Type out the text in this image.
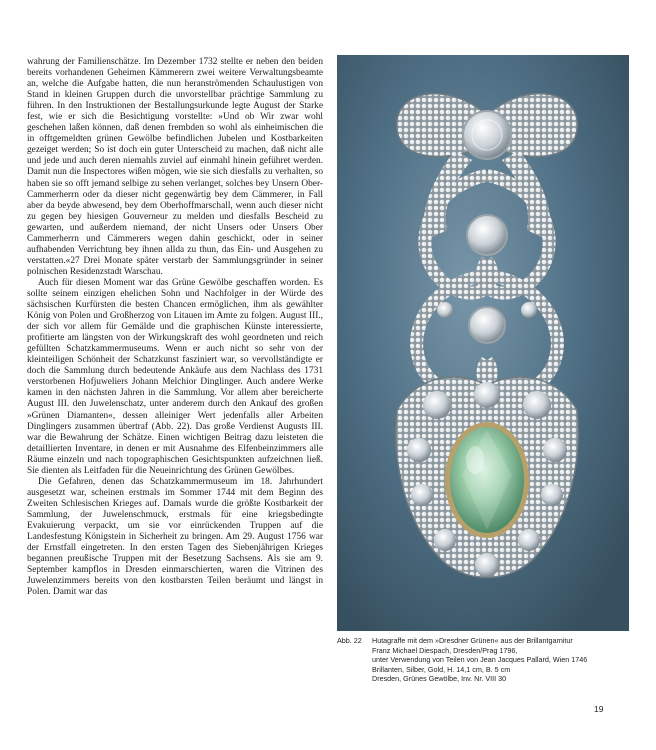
wahrung der Familienschätze. Im Dezember 1732 stellte er neben den beiden bereits vorhandenen Geheimen Kämmerern zwei weitere Verwaltungsbeamte an, welche die Aufgabe hatten, die nun heranströmenden Schaulustigen von Stand in kleinen Gruppen durch die unvorstellbar prächtige Sammlung zu führen. In den Instruktionen der Bestallungsurkunde legte August der Starke fest, wie er sich die Besichtigung vorstellte: »Und ob Wir zwar wohl geschehen laßen können, daß denen frembden so wohl als einheimischen die in offtgemeldten grünen Gewölbe befindlichen Jubelen und Kostbarkeiten gezeiget werden; So ist doch ein guter Unterscheid zu machen, daß nicht alle und jede und auch deren niemahls zuviel auf einmahl hinein geführet werden. Damit nun die Inspectores wißen mögen, wie sie sich diesfalls zu verhalten, so haben sie so offt jemand selbige zu sehen verlanget, solches bey Unsern Ober-Cammerherrn oder da dieser nicht gegenwärtig bey dem Cämmerer, in Fall aber da beyde abwesend, bey dem Oberhoffmarschall, wenn auch dieser nicht zu gegen bey hiesigen Gouverneur zu melden und diesfalls Bescheid zu gewarten, und außerdem niemand, der nicht Unsers oder Unsers Ober Cammerherrn und Cämmerers wegen dahin geschickt, oder in seiner aufhabenden Verrichtung bey ihnen allda zu thun, das Ein- und Ausgehen zu verstatten.«27 Drei Monate später verstarb der Sammlungsgründer in seiner polnischen Residenzstadt Warschau.

Auch für diesen Moment war das Grüne Gewölbe geschaffen worden. Es sollte seinem einzigen ehelichen Sohn und Nachfolger in der Würde des sächsischen Kurfürsten die besten Chancen ermöglichen, ihm als gewählter König von Polen und Großherzog von Litauen im Amte zu folgen. August III., der sich vor allem für Gemälde und die graphischen Künste interessierte, profitierte am längsten von der Wirkungskraft des wohl geordneten und reich gefüllten Schatzkammermuseums. Wenn er auch nicht so sehr von der kleinteiligen Schönheit der Schatzkunst fasziniert war, so vervollständigte er doch die Sammlung durch bedeutende Ankäufe aus dem Nachlass des 1731 verstorbenen Hofjuweliers Johann Melchior Dinglinger. Auch andere Werke kamen in den nächsten Jahren in die Sammlung. Vor allem aber bereicherte August III. den Juwelenschatz, unter anderem durch den Ankauf des großen »Grünen Diamanten«, dessen alleiniger Wert jedenfalls aller Arbeiten Dinglingers zusammen übertraf (Abb. 22). Das große Verdienst Augusts III. war die Bewahrung der Schätze. Einen wichtigen Beitrag dazu leisteten die detaillierten Inventare, in denen er mit Ausnahme des Elfenbeinzimmers alle Räume einzeln und nach topographischen Gesichtspunkten aufzeichnen ließ. Sie dienten als Leitfaden für die Neueinrichtung des Grünen Gewölbes.

Die Gefahren, denen das Schatzkammermuseum im 18. Jahrhundert ausgesetzt war, scheinen erstmals im Sommer 1744 mit dem Beginn des Zweiten Schlesischen Krieges auf. Damals wurde die größte Kostbarkeit der Sammlung, der Juwelenschmuck, erstmals für eine kriegsbedingte Evakuierung verpackt, um sie vor einrückenden Truppen auf die Landesfestung Königstein in Sicherheit zu bringen. Am 29. August 1756 war der Ernstfall eingetreten. In den ersten Tagen des Siebenjährigen Krieges begannen preußische Truppen mit der Besetzung Sachsens. Als sie am 9. September kampflos in Dresden einmarschierten, waren die Vitrinen des Juwelenzimmers bereits von den kostbarsten Teilen beräumt und längst in Polen. Damit war das

Abb. 22 Hutagraffe mit dem »Dresdner Grünen« aus der Brillantgarnitur
Franz Michael Diespach, Dresden/Prag 1796,
unter Verwendung von Teilen von Jean Jacques Pallard, Wien 1746
Brillanten, Silber, Gold, H. 14,1 cm, B. 5 cm
Dresden, Grünes Gewölbe, Inv. Nr. VIII 30
19
